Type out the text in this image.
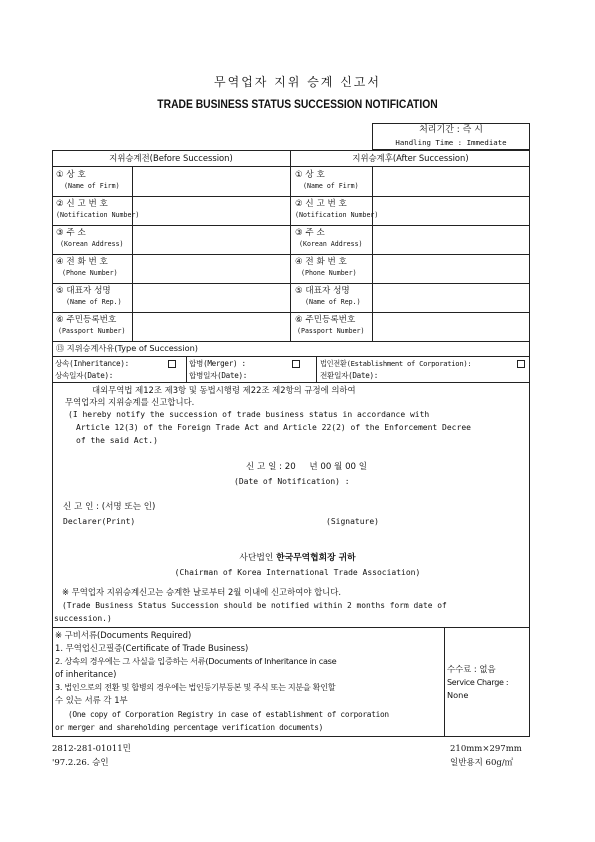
무역업자 지위 승계 신고서
TRADE BUSINESS STATUS SUCCESSION NOTIFICATION
처리기간 : 즉 시
Handling Time : Immediate
지위승계전(Before Succession)	지위승계후(After Succession)
① 상 호
(Name of Firm)
② 신 고 번 호
(Notification Number)
③ 주 소
(Korean Address)
④ 전 화 번 호
(Phone Number)
⑤ 대표자 성명
(Name of Rep.)
⑥ 주민등록번호
(Passport Number)
① 상 호
(Name of Firm)
② 신 고 번 호
(Notification Number)
③ 주 소
(Korean Address)
④ 전 화 번 호
(Phone Number)
⑤ 대표자 성명
(Name of Rep.)
⑥ 주민등록번호
(Passport Number)
⑬ 지위승계사유(Type of Succession)
상속(Inheritance):
상속일자(Date):
합병(Merger) :
합병일자(Date):
법인전환(Establishment of Corporation):
전환일자(Date):
대외무역법 제12조 제3항 및 동법시행령 제22조 제2항의 규정에 의하여
무역업자의 지위승계를 신고합니다.
(I hereby notify the succession of trade business status in accordance with
Article 12(3) of the Foreign Trade Act and Article 22(2) of the Enforcement Decree
of the said Act.)
신 고 일 : 20 년 00 월 00 일
(Date of Notification) :
신 고 인 : (서명 또는 인)
Declarer(Print)	(Signature)
사단법인 한국무역협회장 귀하
(Chairman of Korea International Trade Association)
※ 무역업자 지위승계신고는 승계한 날로부터 2월 이내에 신고하여야 합니다.
(Trade Business Status Succession should be notified within 2 months form date of
succession.)
※ 구비서류(Documents Required)
1. 무역업신고필증(Certificate of Trade Business)
2. 상속의 경우에는 그 사실을 입증하는 서류(Documents of Inheritance in case
of inheritance)
3. 법인으로의 전환 및 합병의 경우에는 법인등기부등본 및 주식 또는 지분을 확인할
수 있는 서류 각 1부
(One copy of Corporation Registry in case of establishment of corporation
or merger and shareholding percentage verification documents)
수수료 : 없음
Service Charge :
None
2812-281-01011민
'97.2.26. 승인
210mm×297mm
일반용지 60g/㎡
